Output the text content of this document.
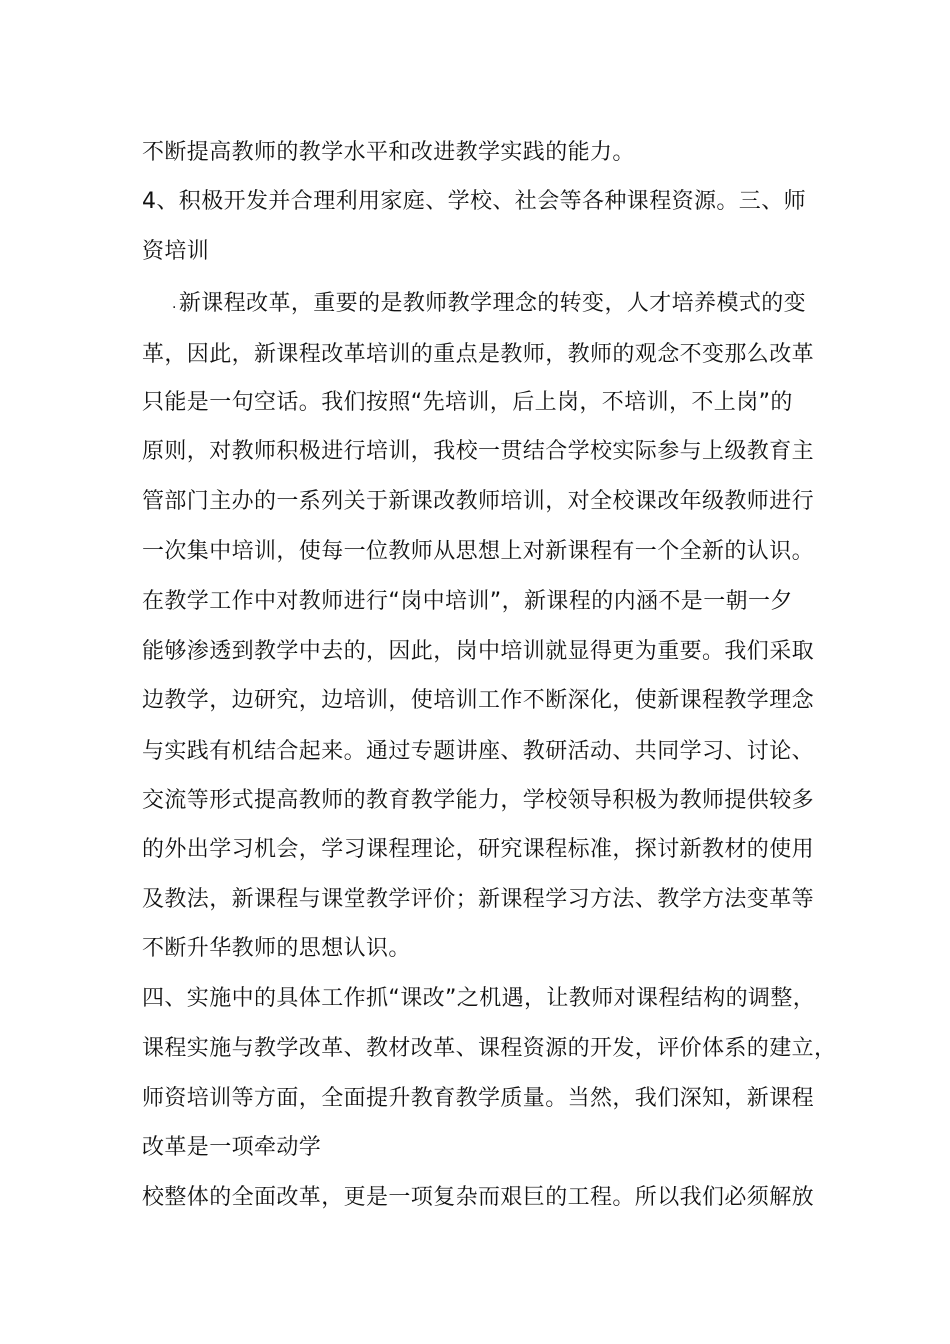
不断提高教师的教学水平和改进教学实践的能力。
4、积极开发并合理利用家庭、学校、社会等各种课程资源。三、师
资培训
.新课程改革，重要的是教师教学理念的转变，人才培养模式的变
革，因此，新课程改革培训的重点是教师，教师的观念不变那么改革
只能是一句空话。我们按照“先培训，后上岗，不培训，不上岗”的
原则，对教师积极进行培训，我校一贯结合学校实际参与上级教育主
管部门主办的一系列关于新课改教师培训，对全校课改年级教师进行
一次集中培训，使每一位教师从思想上对新课程有一个全新的认识。
在教学工作中对教师进行“岗中培训”，新课程的内涵不是一朝一夕
能够渗透到教学中去的，因此，岗中培训就显得更为重要。我们采取
边教学，边研究，边培训，使培训工作不断深化，使新课程教学理念
与实践有机结合起来。通过专题讲座、教研活动、共同学习、讨论、
交流等形式提高教师的教育教学能力，学校领导积极为教师提供较多
的外出学习机会，学习课程理论，研究课程标准，探讨新教材的使用
及教法，新课程与课堂教学评价；新课程学习方法、教学方法变革等
不断升华教师的思想认识。
四、实施中的具体工作抓“课改”之机遇，让教师对课程结构的调整，
课程实施与教学改革、教材改革、课程资源的开发，评价体系的建立，
师资培训等方面，全面提升教育教学质量。当然，我们深知，新课程
改革是一项牵动学
校整体的全面改革，更是一项复杂而艰巨的工程。所以我们必须解放
